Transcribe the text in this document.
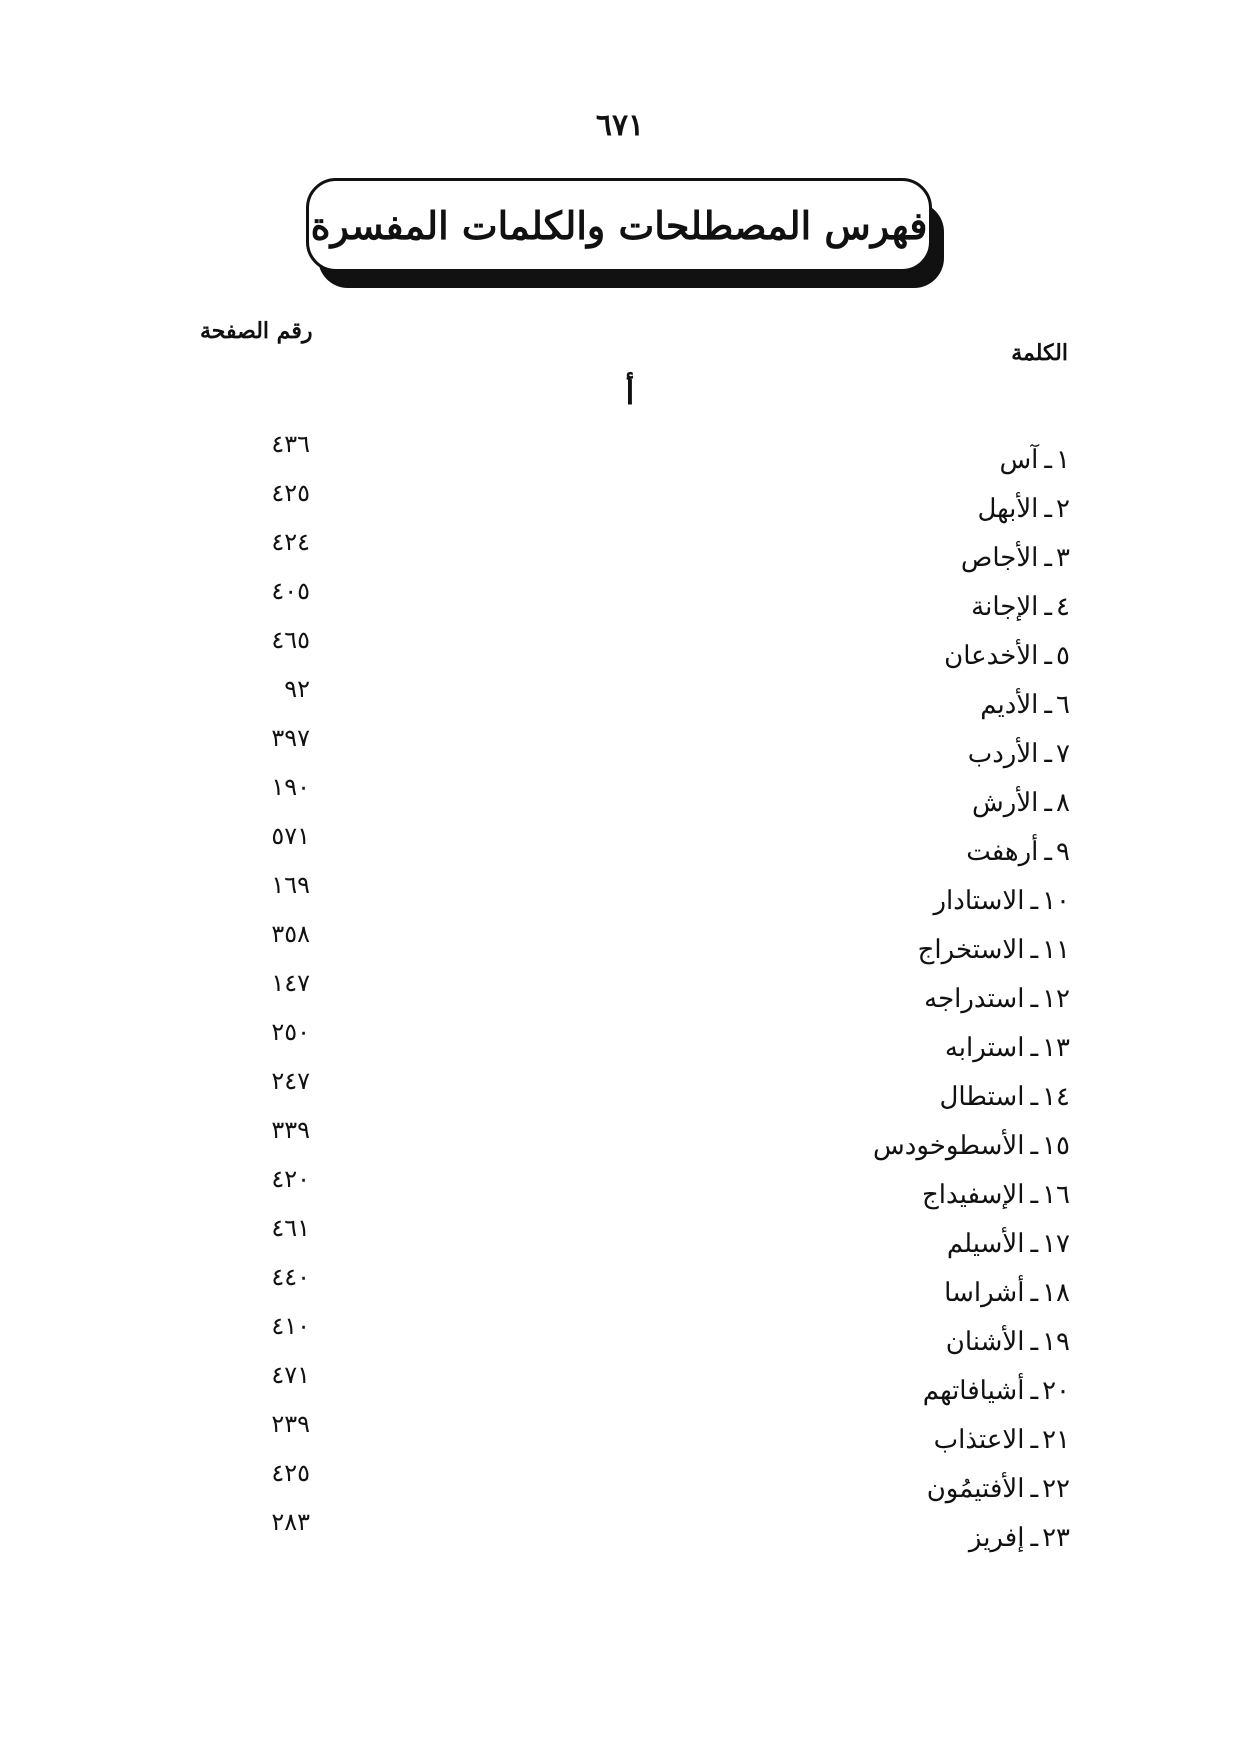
٦٧١
فهرس المصطلحات والكلمات المفسرة
الكلمة
رقم الصفحة
أ
١ـآس
٢ـالأبهل
٣ـالأجاص
٤ـالإجانة
٥ـالأخدعان
٦ـالأديم
٧ـالأردب
٨ـالأرش
٩ـأرهفت
١٠ـالاستادار
١١ـالاستخراج
١٢ـاستدراجه
١٣ـاسترابه
١٤ـاستطال
١٥ـالأسطوخودس
١٦ـالإسفيداج
١٧ـالأسيلم
١٨ـأشراسا
١٩ـالأشنان
٢٠ـأشيافاتهم
٢١ـالاعتذاب
٢٢ـالأفتيمُون
٢٣ـإفريز
٤٣٦
٤٢٥
٤٢٤
٤٠٥
٤٦٥
٩٢
٣٩٧
١٩٠
٥٧١
١٦٩
٣٥٨
١٤٧
٢٥٠
٢٤٧
٣٣٩
٤٢٠
٤٦١
٤٤٠
٤١٠
٤٧١
٢٣٩
٤٢٥
٢٨٣
